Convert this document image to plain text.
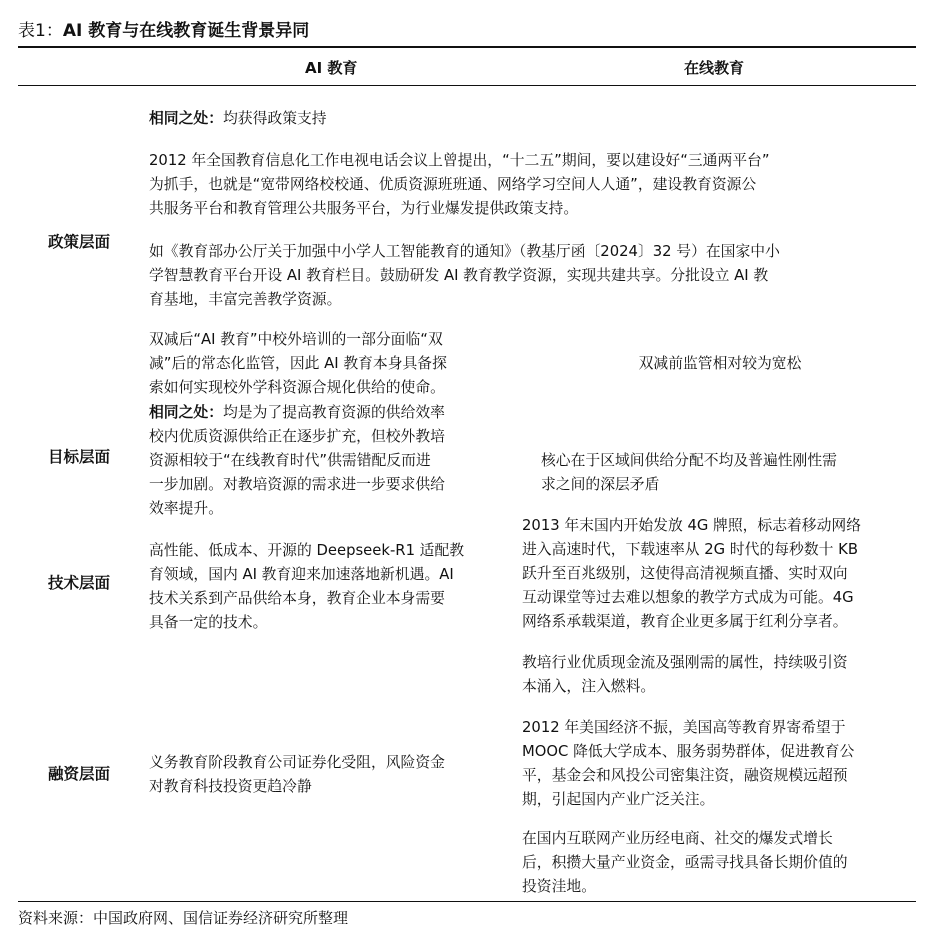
表1：AI 教育与在线教育诞生背景异同
AI 教育	在线教育
政策层面
相同之处：均获得政策支持
2012 年全国教育信息化工作电视电话会议上曾提出，“十二五”期间，要以建设好“三通两平台”
为抓手，也就是“宽带网络校校通、优质资源班班通、网络学习空间人人通”，建设教育资源公
共服务平台和教育管理公共服务平台，为行业爆发提供政策支持。
如《教育部办公厅关于加强中小学人工智能教育的通知》（教基厅函〔2024〕32 号）在国家中小
学智慧教育平台开设 AI 教育栏目。鼓励研发 AI 教育教学资源，实现共建共享。分批设立 AI 教
育基地，丰富完善教学资源。
双减后“AI 教育”中校外培训的一部分面临“双
减”后的常态化监管，因此 AI 教育本身具备探
索如何实现校外学科资源合规化供给的使命。
双减前监管相对较为宽松
目标层面
相同之处：均是为了提高教育资源的供给效率
校内优质资源供给正在逐步扩充，但校外教培
资源相较于“在线教育时代”供需错配反而进
一步加剧。对教培资源的需求进一步要求供给
效率提升。
核心在于区域间供给分配不均及普遍性刚性需
求之间的深层矛盾
技术层面
高性能、低成本、开源的 Deepseek-R1 适配教
育领域，国内 AI 教育迎来加速落地新机遇。AI
技术关系到产品供给本身，教育企业本身需要
具备一定的技术。
2013 年末国内开始发放 4G 牌照，标志着移动网络
进入高速时代，下载速率从 2G 时代的每秒数十 KB
跃升至百兆级别，这使得高清视频直播、实时双向
互动课堂等过去难以想象的教学方式成为可能。4G
网络系承载渠道，教育企业更多属于红利分享者。
融资层面
义务教育阶段教育公司证券化受阻，风险资金
对教育科技投资更趋冷静
教培行业优质现金流及强刚需的属性，持续吸引资
本涌入，注入燃料。
2012 年美国经济不振，美国高等教育界寄希望于
MOOC 降低大学成本、服务弱势群体，促进教育公
平，基金会和风投公司密集注资，融资规模远超预
期，引起国内产业广泛关注。
在国内互联网产业历经电商、社交的爆发式增长
后，积攒大量产业资金，亟需寻找具备长期价值的
投资洼地。
资料来源：中国政府网、国信证券经济研究所整理
